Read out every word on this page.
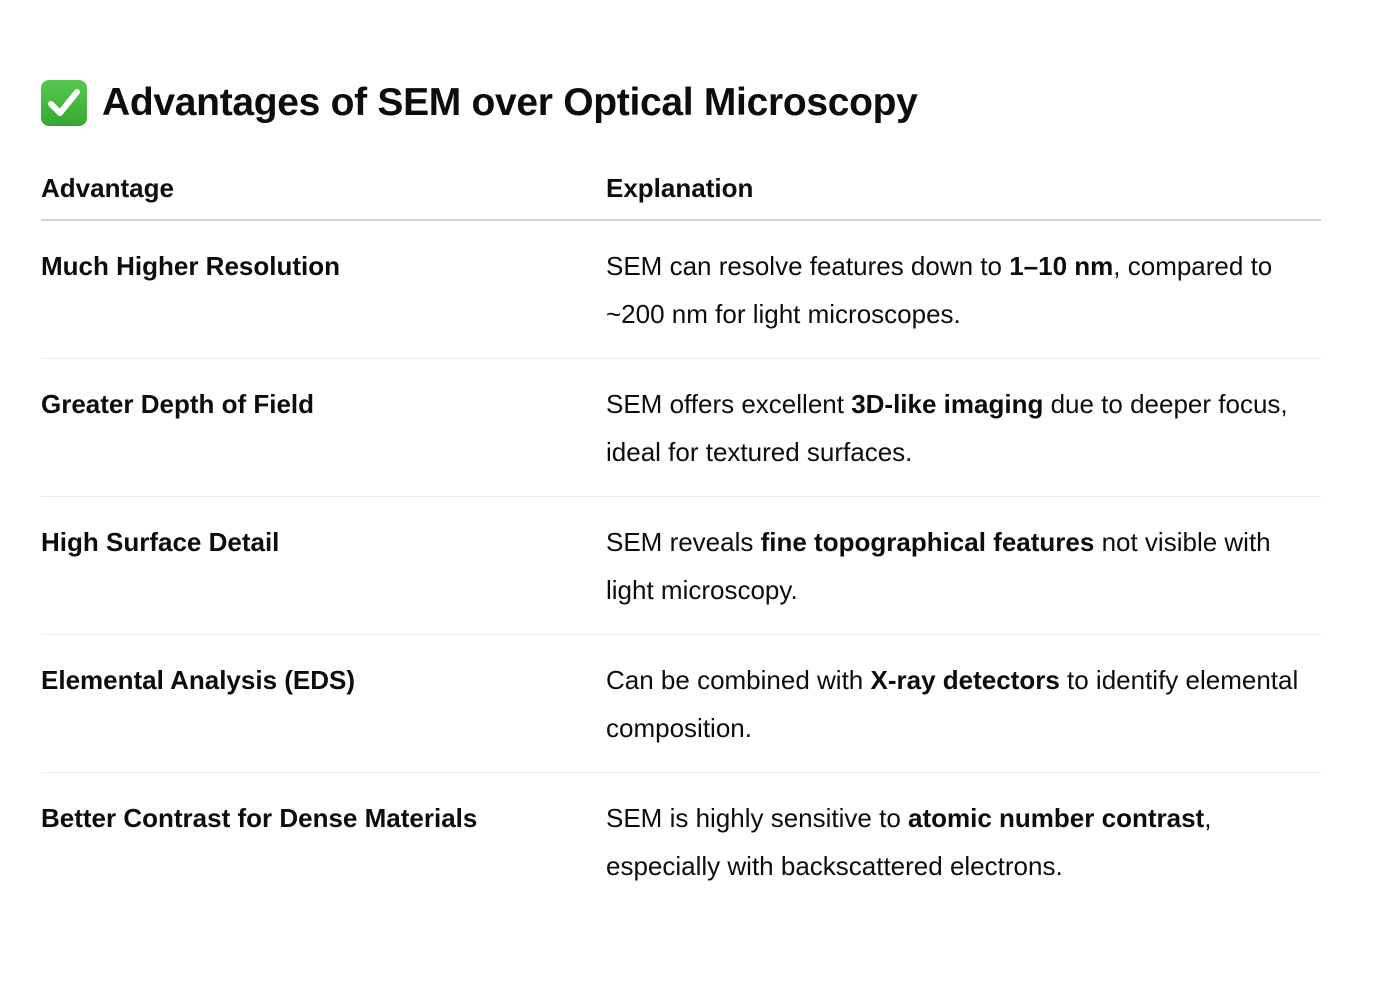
Advantages of SEM over Optical Microscopy
Advantage	Explanation

Much Higher Resolution	SEM can resolve features down to 1–10 nm, compared to ~200 nm for light microscopes.

Greater Depth of Field	SEM offers excellent 3D-like imaging due to deeper focus, ideal for textured surfaces.

High Surface Detail	SEM reveals fine topographical features not visible with light microscopy.

Elemental Analysis (EDS)	Can be combined with X-ray detectors to identify elemental composition.

Better Contrast for Dense Materials	SEM is highly sensitive to atomic number contrast, especially with backscattered electrons.
